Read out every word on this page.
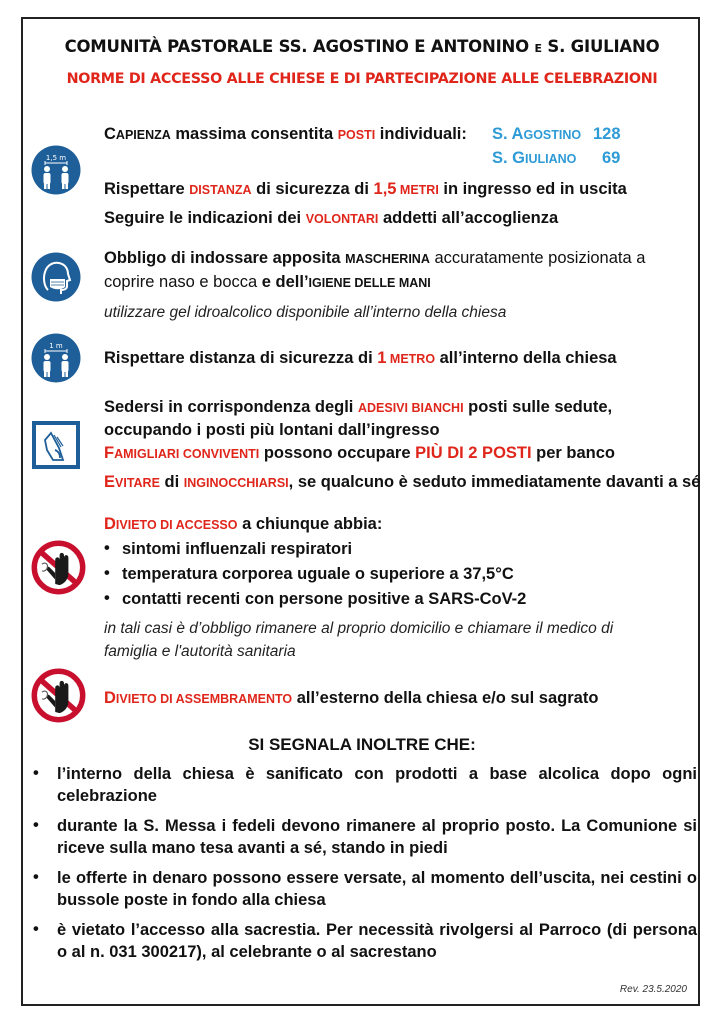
COMUNITÀ PASTORALE SS. AGOSTINO E ANTONINO E S. GIULIANO
NORME DI ACCESSO ALLE CHIESE E DI PARTECIPAZIONE ALLE CELEBRAZIONI
1,5 m
CAPIENZA massima consentita POSTI individuali: S. AGOSTINO 128
S. GIULIANO 69
Rispettare DISTANZA di sicurezza di 1,5 METRI in ingresso ed in uscita
Seguire le indicazioni dei VOLONTARI addetti all’accoglienza
Obbligo di indossare apposita MASCHERINA accuratamente posizionata a
coprire naso e bocca e dell’IGIENE DELLE MANI
utilizzare gel idroalcolico disponibile all’interno della chiesa
1 m
Rispettare distanza di sicurezza di 1 METRO all’interno della chiesa
Sedersi in corrispondenza degli ADESIVI BIANCHI posti sulle sedute,
occupando i posti più lontani dall’ingresso
FAMIGLIARI CONVIVENTI possono occupare PIÙ DI 2 POSTI per banco
EVITARE di INGINOCCHIARSI, se qualcuno è seduto immediatamente davanti a sé
DIVIETO DI ACCESSO a chiunque abbia:
• sintomi influenzali respiratori
• temperatura corporea uguale o superiore a 37,5°C
• contatti recenti con persone positive a SARS-CoV-2
in tali casi è d’obbligo rimanere al proprio domicilio e chiamare il medico di
famiglia e l'autorità sanitaria
DIVIETO DI ASSEMBRAMENTO all’esterno della chiesa e/o sul sagrato
SI SEGNALA INOLTRE CHE:
• l’interno della chiesa è sanificato con prodotti a base alcolica dopo ogni celebrazione
• durante la S. Messa i fedeli devono rimanere al proprio posto. La Comunione si riceve sulla mano tesa avanti a sé, stando in piedi
• le offerte in denaro possono essere versate, al momento dell’uscita, nei cestini o bussole poste in fondo alla chiesa
• è vietato l’accesso alla sacrestia. Per necessità rivolgersi al Parroco (di persona o al n. 031 300217), al celebrante o al sacrestano
Rev. 23.5.2020
